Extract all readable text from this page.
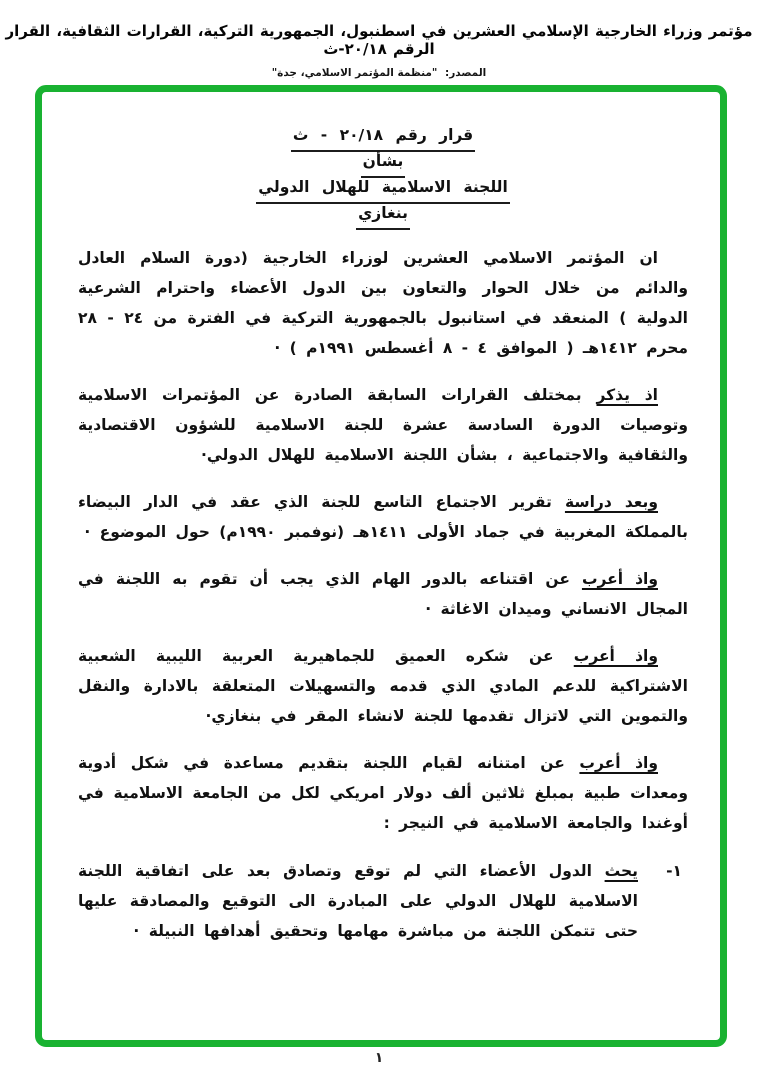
مؤتمر وزراء الخارجية الإسلامي العشرين في اسطنبول، الجمهورية التركية، القرارات الثقافية، القرار الرقم ٢٠/١٨-ث
المصدر: "منظمة المؤتمر الاسلامي، جدة"
قرار رقم ٢٠/١٨ - ث
بشأن
اللجنة الاسلامية للهلال الدولي
بنغازي

ان المؤتمر الاسلامي العشرين لوزراء الخارجية (دورة السلام العادل والدائم من خلال الحوار والتعاون بين الدول الأعضاء واحترام الشرعية الدولية ) المنعقد في استانبول بالجمهورية التركية في الفترة من ٢٤ - ٢٨ محرم ١٤١٢هـ ( الموافق ٤ - ٨ أغسطس ١٩٩١م ) ·

اذ يذكر بمختلف القرارات السابقة الصادرة عن المؤتمرات الاسلامية وتوصيات الدورة السادسة عشرة للجنة الاسلامية للشؤون الاقتصادية والثقافية والاجتماعية ، بشأن اللجنة الاسلامية للهلال الدولي·

وبعد دراسة تقرير الاجتماع التاسع للجنة الذي عقد في الدار البيضاء بالمملكة المغربية في جماد الأولى ١٤١١هـ (نوفمبر ١٩٩٠م) حول الموضوع ·

واذ أعرب عن اقتناعه بالدور الهام الذي يجب أن تقوم به اللجنة في المجال الانساني وميدان الاغاثة ·

واذ أعرب عن شكره العميق للجماهيرية العربية الليبية الشعبية الاشتراكية للدعم المادي الذي قدمه والتسهيلات المتعلقة بالادارة والنقل والتموين التي لاتزال تقدمها للجنة لانشاء المقر في بنغازي·

واذ أعرب عن امتنانه لقيام اللجنة بتقديم مساعدة في شكل أدوية ومعدات طبية بمبلغ ثلاثين ألف دولار امريكي لكل من الجامعة الاسلامية في أوغندا والجامعة الاسلامية في النيجر :

١-

يحث الدول الأعضاء التي لم توقع وتصادق بعد على اتفاقية اللجنة الاسلامية للهلال الدولي على المبادرة الى التوقيع والمصادقة عليها حتى تتمكن اللجنة من مباشرة مهامها وتحقيق أهدافها النبيلة ·

١
